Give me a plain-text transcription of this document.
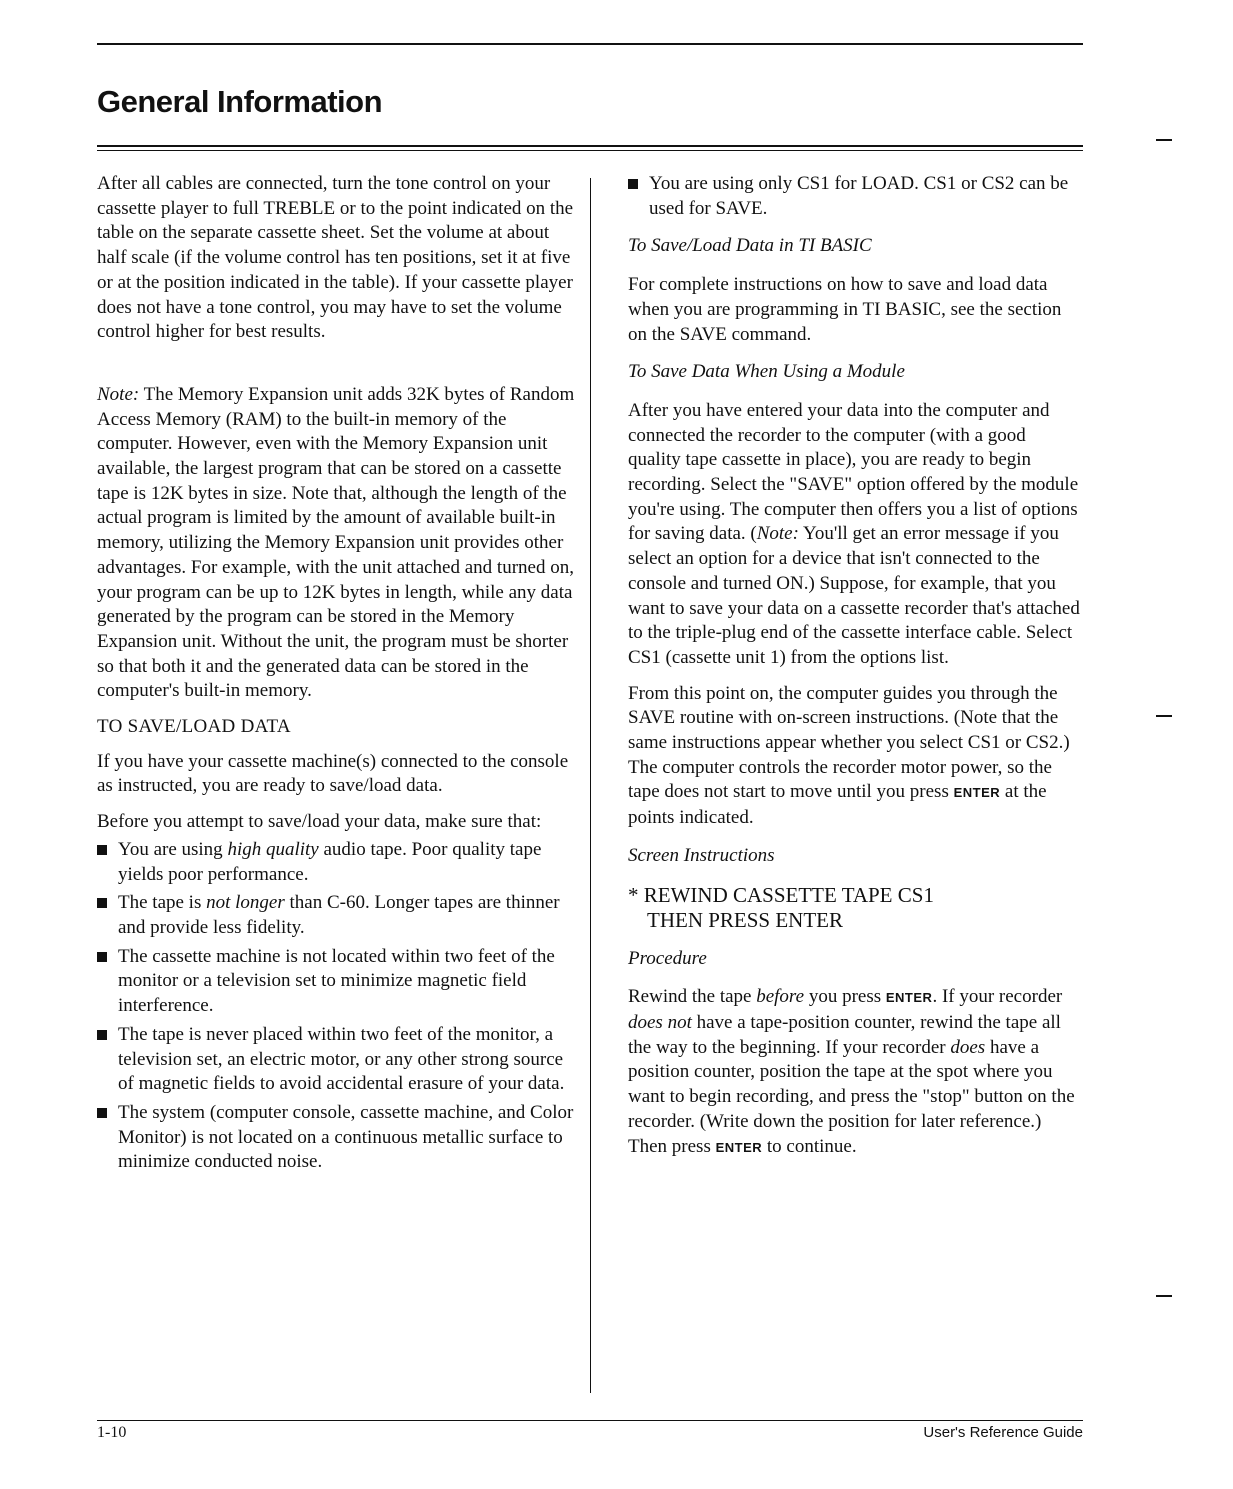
General Information

After all cables are connected, turn the tone control on your cassette player to full TREBLE or to the point indicated on the table on the separate cassette sheet. Set the volume at about half scale (if the volume control has ten positions, set it at five or at the position indicated in the table). If your cassette player does not have a tone control, you may have to set the volume control higher for best results.

Note: The Memory Expansion unit adds 32K bytes of Random Access Memory (RAM) to the built-in memory of the computer. However, even with the Memory Expansion unit available, the largest program that can be stored on a cassette tape is 12K bytes in size. Note that, although the length of the actual program is limited by the amount of available built-in memory, utilizing the Memory Expansion unit provides other advantages. For example, with the unit attached and turned on, your program can be up to 12K bytes in length, while any data generated by the program can be stored in the Memory Expansion unit. Without the unit, the program must be shorter so that both it and the generated data can be stored in the computer's built-in memory.

TO SAVE/LOAD DATA

If you have your cassette machine(s) connected to the console as instructed, you are ready to save/load data.

Before you attempt to save/load your data, make sure that:

You are using high quality audio tape. Poor quality tape yields poor performance.
The tape is not longer than C-60. Longer tapes are thinner and provide less fidelity.
The cassette machine is not located within two feet of the monitor or a television set to minimize magnetic field interference.
The tape is never placed within two feet of the monitor, a television set, an electric motor, or any other strong source of magnetic fields to avoid accidental erasure of your data.
The system (computer console, cassette machine, and Color Monitor) is not located on a continuous metallic surface to minimize conducted noise.
You are using only CS1 for LOAD. CS1 or CS2 can be used for SAVE.

To Save/Load Data in TI BASIC

For complete instructions on how to save and load data when you are programming in TI BASIC, see the section on the SAVE command.

To Save Data When Using a Module

After you have entered your data into the computer and connected the recorder to the computer (with a good quality tape cassette in place), you are ready to begin recording. Select the "SAVE" option offered by the module you're using. The computer then offers you a list of options for saving data. (Note: You'll get an error message if you select an option for a device that isn't connected to the console and turned ON.) Suppose, for example, that you want to save your data on a cassette recorder that's attached to the triple-plug end of the cassette interface cable. Select CS1 (cassette unit 1) from the options list.

From this point on, the computer guides you through the SAVE routine with on-screen instructions. (Note that the same instructions appear whether you select CS1 or CS2.) The computer controls the recorder motor power, so the tape does not start to move until you press ENTER at the points indicated.

Screen Instructions

* REWIND CASSETTE TAPE CS1
THEN PRESS ENTER

Procedure

Rewind the tape before you press ENTER. If your recorder does not have a tape-position counter, rewind the tape all the way to the beginning. If your recorder does have a position counter, position the tape at the spot where you want to begin recording, and press the "stop" button on the recorder. (Write down the position for later reference.) Then press ENTER to continue.

1-10	User's Reference Guide
